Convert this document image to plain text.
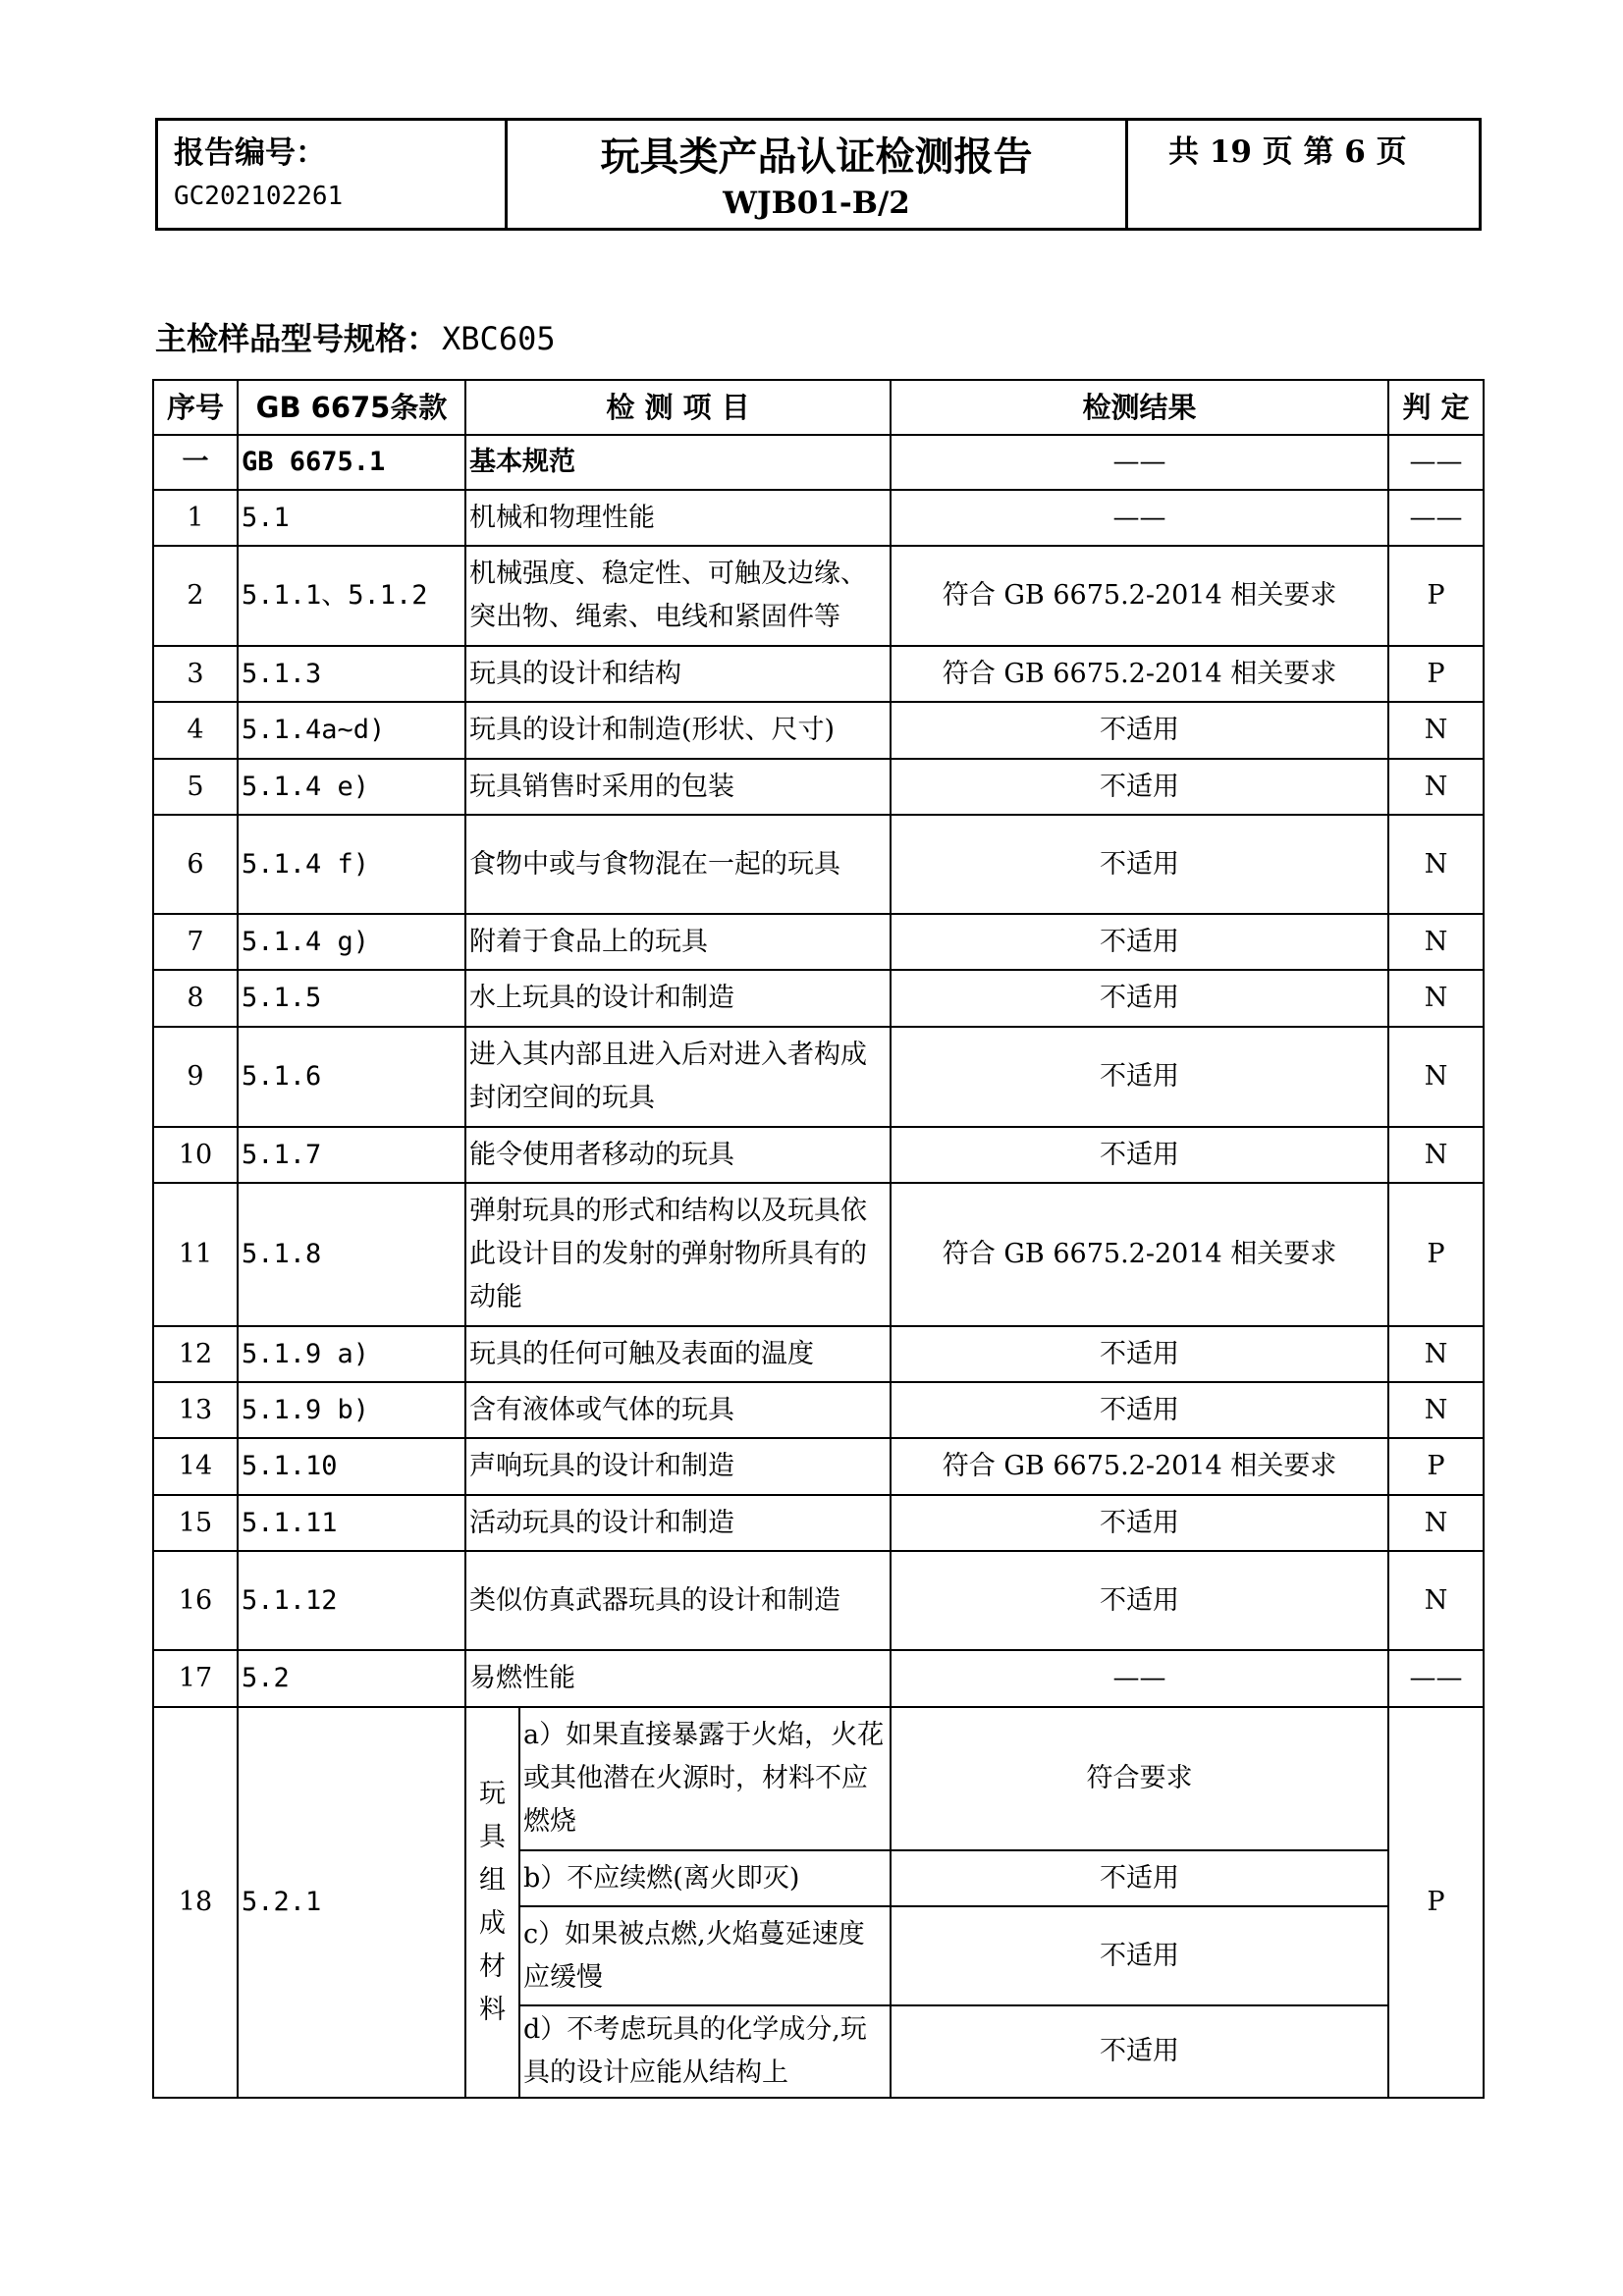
报告编号：
GC202102261

玩具类产品认证检测报告
WJB01-B/2

共 19 页 第 6 页
主检样品型号规格： XBC605
序号	GB 6675条款	检 测 项 目		检测结果	判 定
一	GB 6675.1	基本规范		——	——
1	5.1	机械和物理性能		——	——
2	5.1.1、5.1.2	机械强度、稳定性、可触及边缘、突出物、绳索、电线和紧固件等		符合 GB 6675.2-2014 相关要求	P
3	5.1.3	玩具的设计和结构		符合 GB 6675.2-2014 相关要求	P
4	5.1.4a~d)	玩具的设计和制造(形状、尺寸)		不适用	N
5	5.1.4 e)	玩具销售时采用的包装		不适用	N
6	5.1.4 f)	食物中或与食物混在一起的玩具		不适用	N
7	5.1.4 g)	附着于食品上的玩具		不适用	N
8	5.1.5	水上玩具的设计和制造		不适用	N
9	5.1.6	进入其内部且进入后对进入者构成封闭空间的玩具		不适用	N
10	5.1.7	能令使用者移动的玩具		不适用	N
11	5.1.8	弹射玩具的形式和结构以及玩具依此设计目的发射的弹射物所具有的动能		符合 GB 6675.2-2014 相关要求	P
12	5.1.9 a)	玩具的任何可触及表面的温度		不适用	N
13	5.1.9 b)	含有液体或气体的玩具		不适用	N
14	5.1.10	声响玩具的设计和制造		符合 GB 6675.2-2014 相关要求	P
15	5.1.11	活动玩具的设计和制造		不适用	N
16	5.1.12	类似仿真武器玩具的设计和制造		不适用	N
17	5.2	易燃性能		——	——
18	5.2.1	玩具组成材料	a）如果直接暴露于火焰，火花或其他潜在火源时，材料不应燃烧	符合要求	P
			b）不应续燃(离火即灭)	不适用	
			c）如果被点燃,火焰蔓延速度应缓慢	不适用	
			d）不考虑玩具的化学成分,玩具的设计应能从结构上	不适用	
